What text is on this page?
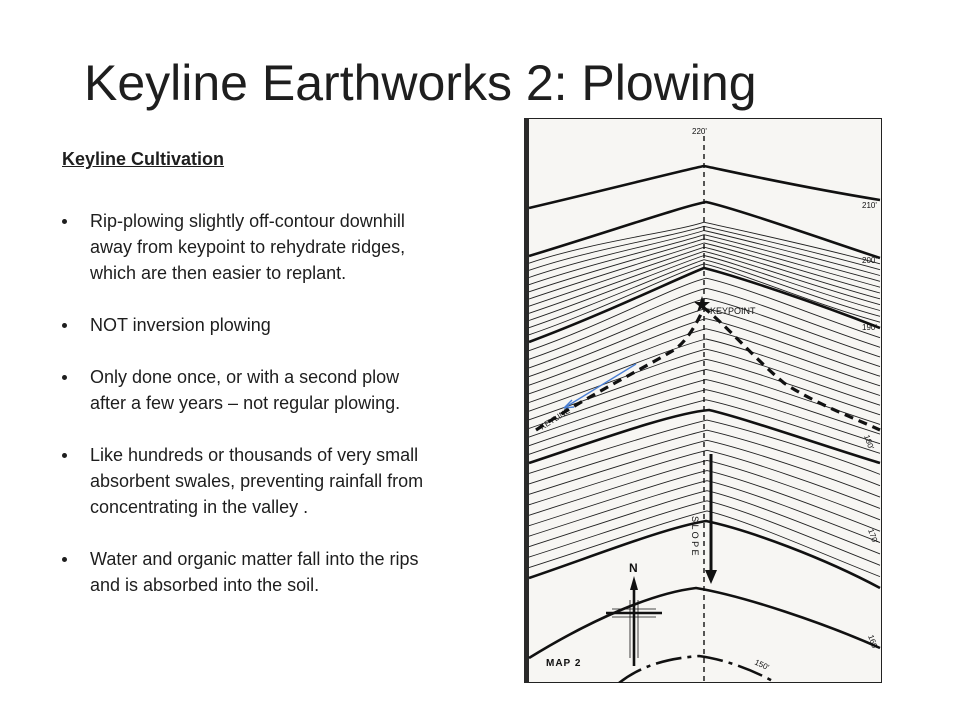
Keyline Earthworks 2: Plowing
Keyline Cultivation
Rip-plowing slightly off-contour downhill
away from keypoint to rehydrate ridges,
which are then easier to replant.
NOT inversion plowing
Only done once, or with a second plow
after a few years – not regular plowing.
Like hundreds or thousands of very small
absorbent swales, preventing rainfall from
concentrating in the valley .
Water and organic matter fall into the rips
and is absorbed into the soil.
KEYPOINT
KEYLINE
S L O P E
N
220'
210'
200'
190'
180'
170'
160'
150'
MAP 2
